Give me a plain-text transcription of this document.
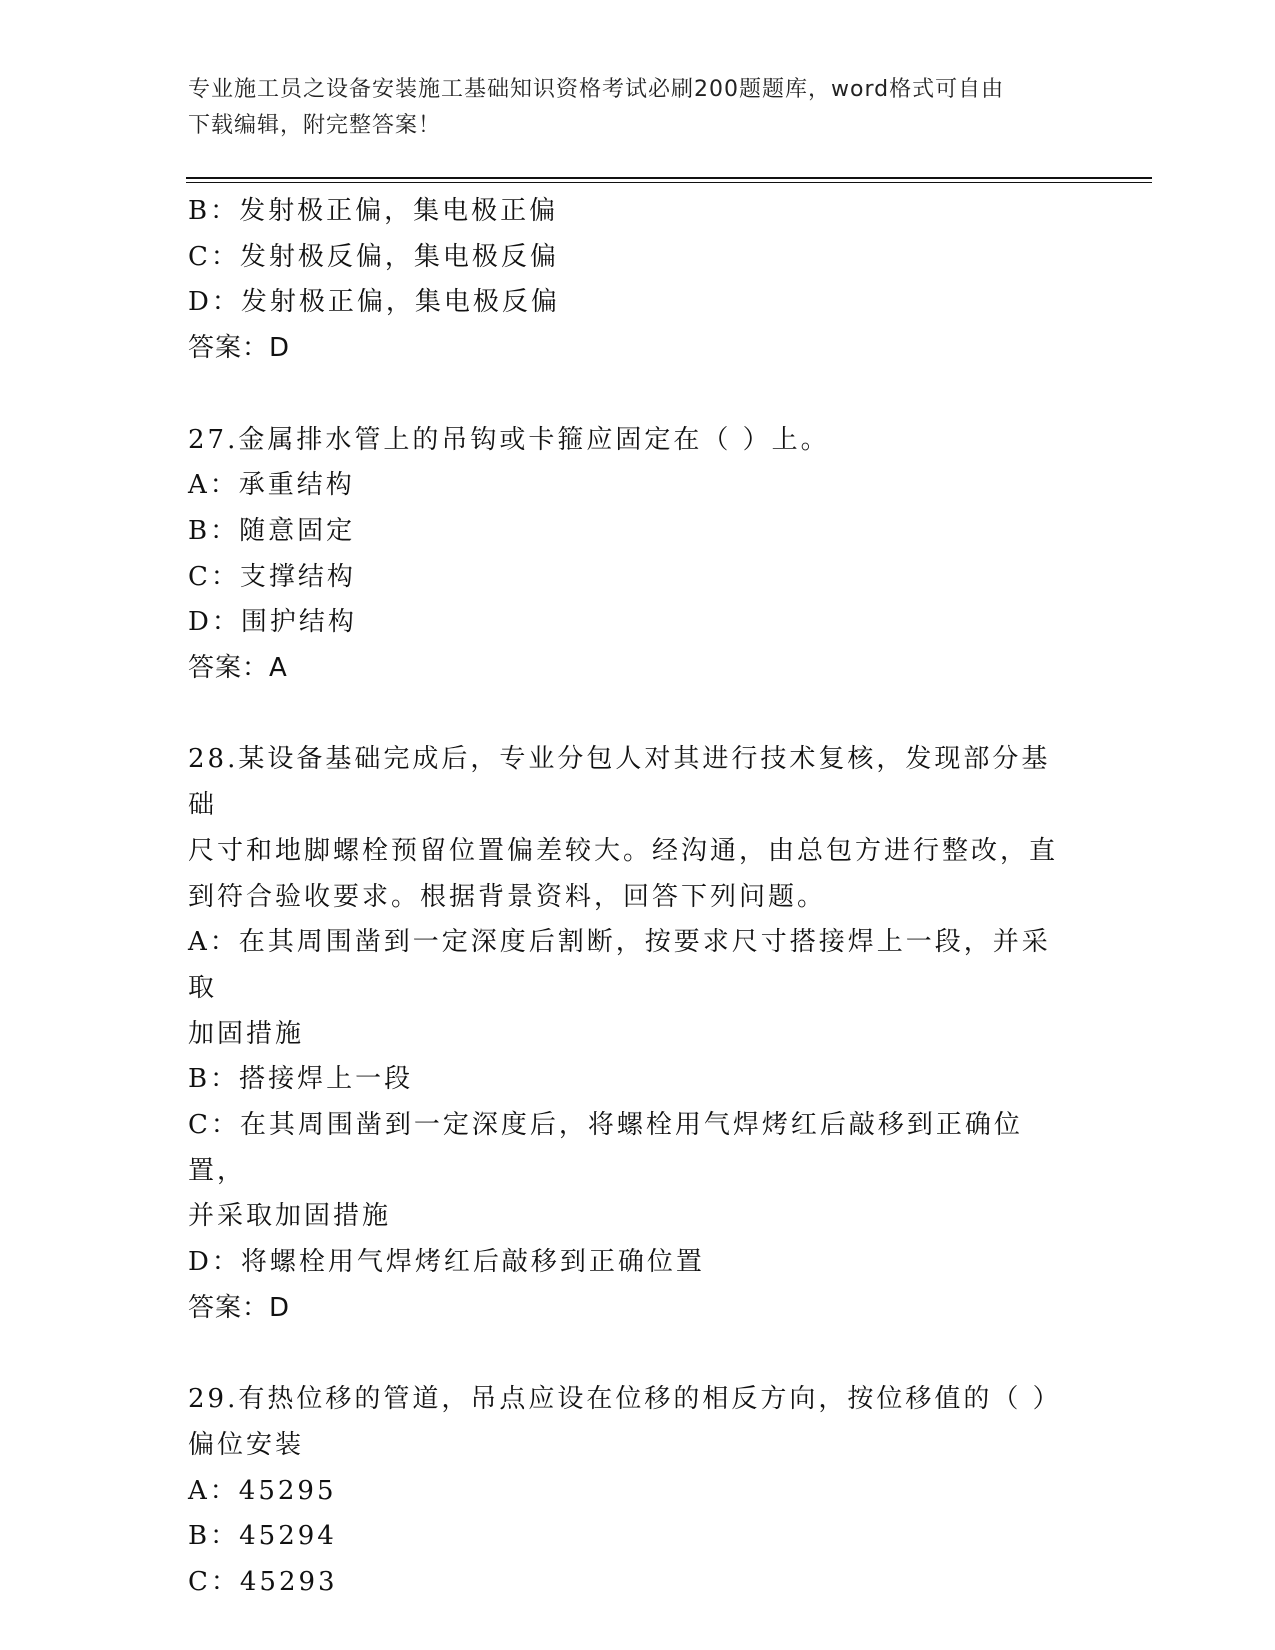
专业施工员之设备安装施工基础知识资格考试必刷200题题库，word格式可自由
下载编辑，附完整答案！
B：发射极正偏，集电极正偏
C：发射极反偏，集电极反偏
D：发射极正偏，集电极反偏
答案：D
27.金属排水管上的吊钩或卡箍应固定在（ ）上。
A：承重结构
B：随意固定
C：支撑结构
D：围护结构
答案：A
28.某设备基础完成后，专业分包人对其进行技术复核，发现部分基础
尺寸和地脚螺栓预留位置偏差较大。经沟通，由总包方进行整改，直
到符合验收要求。根据背景资料，回答下列问题。
A：在其周围凿到一定深度后割断，按要求尺寸搭接焊上一段，并采取
加固措施
B：搭接焊上一段
C：在其周围凿到一定深度后，将螺栓用气焊烤红后敲移到正确位置，
并采取加固措施
D：将螺栓用气焊烤红后敲移到正确位置
答案：D
29.有热位移的管道，吊点应设在位移的相反方向，按位移值的（ ）
偏位安装
A：45295
B：45294
C：45293
